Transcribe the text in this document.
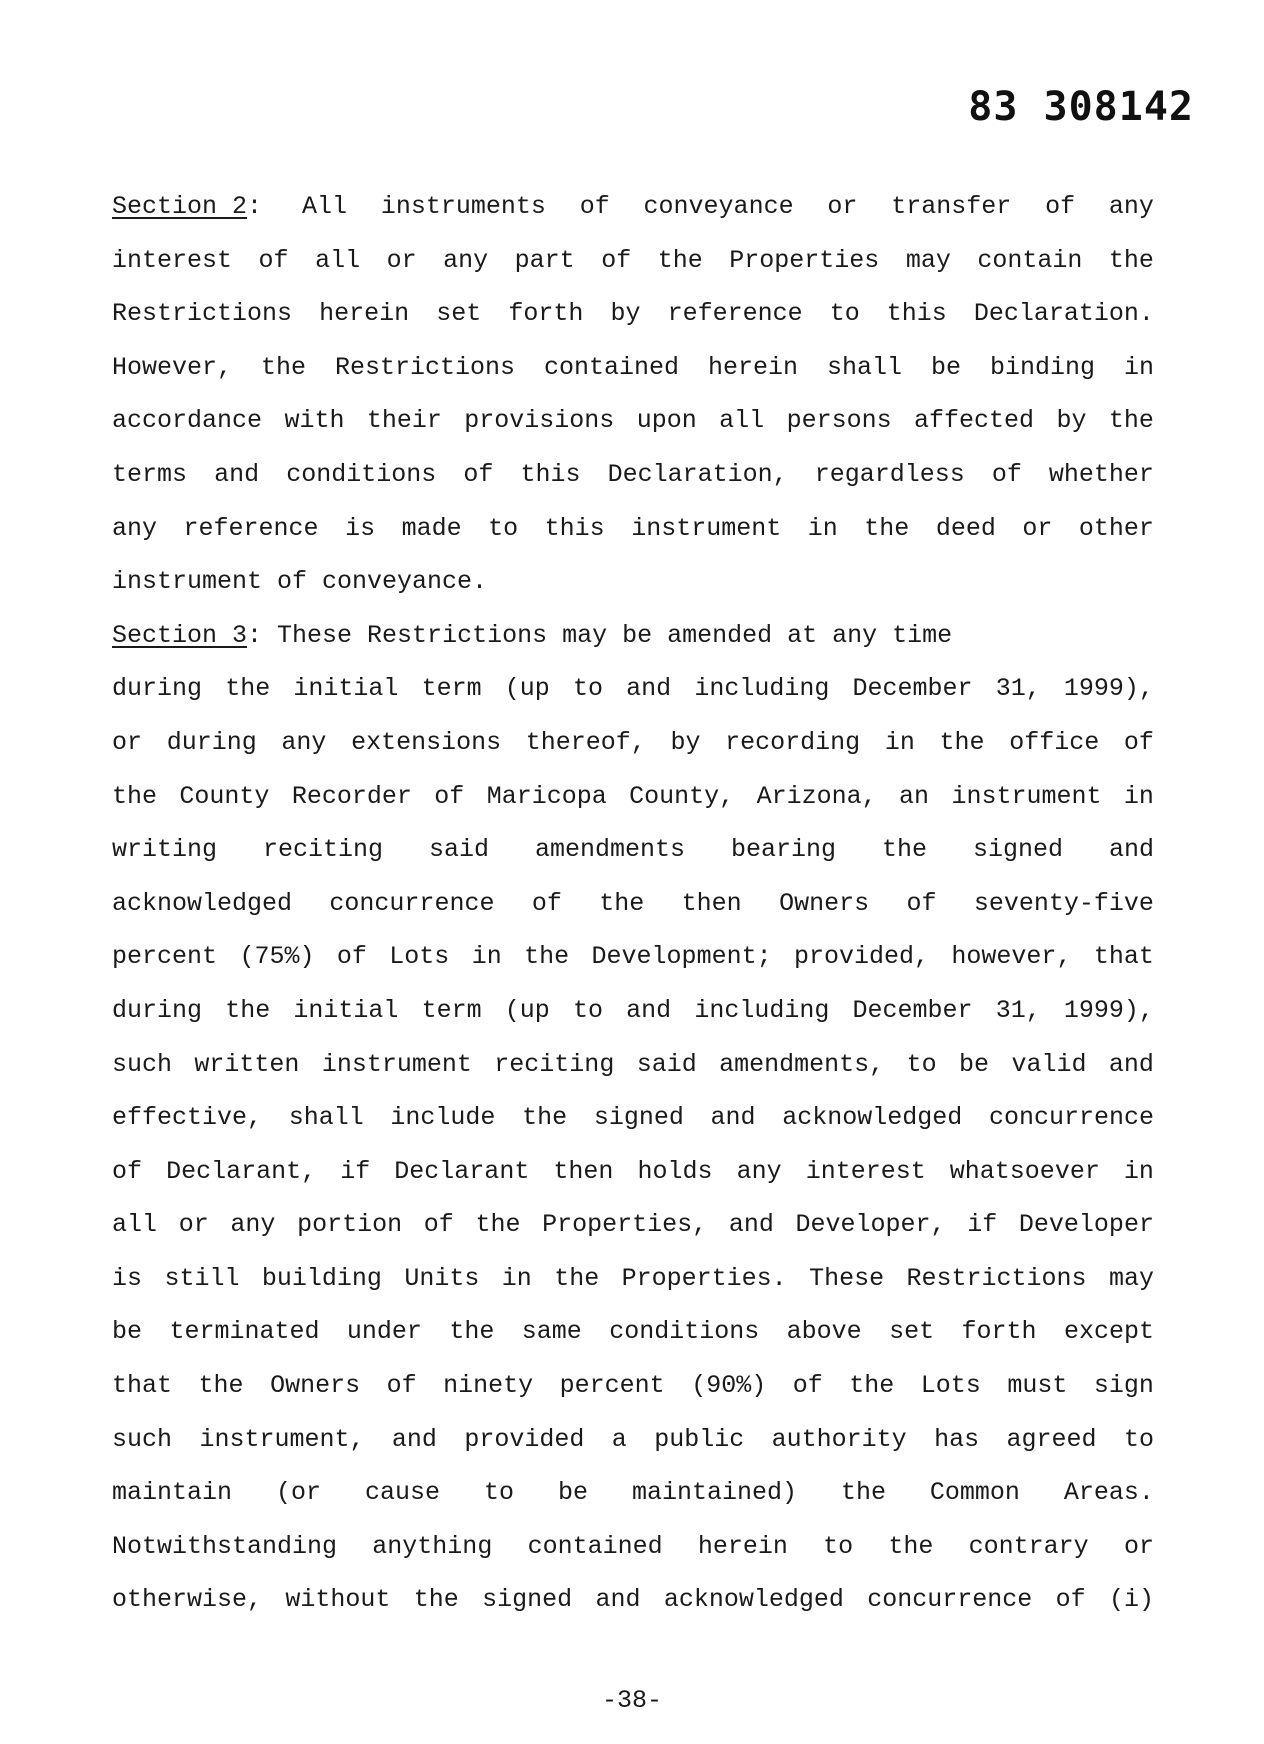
83 308142
Section 2 : All instruments of conveyance or transfer of any
interest of all or any part of the Properties may contain the
Restrictions herein set forth by reference to this Declaration.
However, the Restrictions contained herein shall be binding in
accordance with their provisions upon all persons affected by the
terms and conditions of this Declaration, regardless of whether
any reference is made to this instrument in the deed or other
instrument of conveyance.
Section 3: These Restrictions may be amended at any time
during the initial term (up to and including December 31, 1999),
or during any extensions thereof, by recording in the office of
the County Recorder of Maricopa County, Arizona, an instrument in
writing reciting said amendments bearing the signed and
acknowledged concurrence of the then Owners of seventy-five
percent (75%) of Lots in the Development; provided, however, that
during the initial term (up to and including December 31, 1999),
such written instrument reciting said amendments, to be valid and
effective, shall include the signed and acknowledged concurrence
of Declarant, if Declarant then holds any interest whatsoever in
all or any portion of the Properties, and Developer, if Developer
is still building Units in the Properties. These Restrictions may
be terminated under the same conditions above set forth except
that the Owners of ninety percent (90%) of the Lots must sign
such instrument, and provided a public authority has agreed to
maintain (or cause to be maintained) the Common Areas.
Notwithstanding anything contained herein to the contrary or
otherwise, without the signed and acknowledged concurrence of (i)
-38-
